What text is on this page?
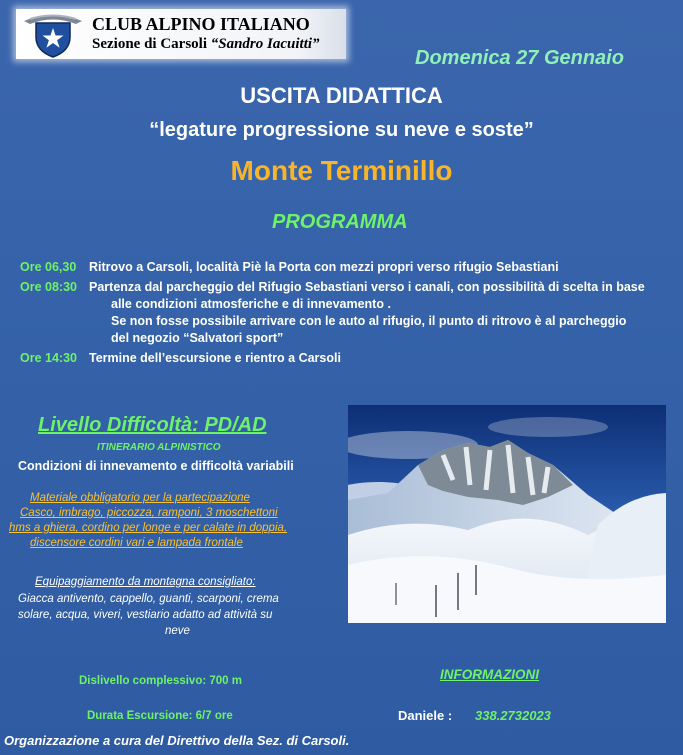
CLUB ALPINO ITALIANO
Sezione di Carsoli “Sandro Iacuitti”
Domenica 27 Gennaio
USCITA DIDATTICA
“legature progressione su neve e soste”
Monte Terminillo
PROGRAMMA
Ore 06,30 Ritrovo a Carsoli, località Piè la Porta con mezzi propri verso rifugio Sebastiani
Ore 08:30 Partenza dal parcheggio del Rifugio Sebastiani verso i canali, con possibilità di scelta in base
alle condizioni atmosferiche e di innevamento .
Se non fosse possibile arrivare con le auto al rifugio, il punto di ritrovo è al parcheggio
del negozio “Salvatori sport”
Ore 14:30 Termine dell’escursione e rientro a Carsoli
Livello Difficoltà: PD/AD
ITINERARIO ALPINISTICO
Condizioni di innevamento e difficoltà variabili
Materiale obbligatorio per la partecipazione
Casco, imbrago, piccozza, ramponi, 3 moschettoni
hms a ghiera, cordino per longe e per calate in doppia,
discensore cordini vari e lampada frontale
Equipaggiamento da montagna consigliato:
Giacca antivento, cappello, guanti, scarponi, crema
solare, acqua, viveri, vestiario adatto ad attività su
neve
Dislivello complessivo: 700 m
Durata Escursione: 6/7 ore
INFORMAZIONI
Daniele : 338.2732023
Organizzazione a cura del Direttivo della Sez. di Carsoli.
